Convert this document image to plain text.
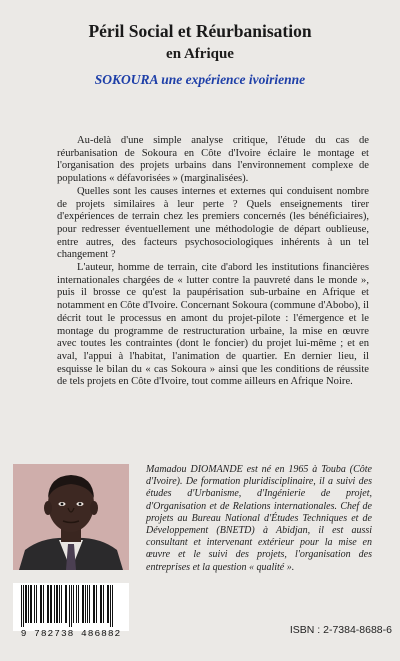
Péril Social et Réurbanisation
en Afrique
SOKOURA une expérience ivoirienne

Au-delà d'une simple analyse critique, l'étude du cas de réurbanisation de Sokoura en Côte d'Ivoire éclaire le montage et l'organisation des projets urbains dans l'environnement complexe de populations « défavorisées » (marginalisées).

Quelles sont les causes internes et externes qui conduisent nombre de projets similaires à leur perte ? Quels enseignements tirer d'expériences de terrain chez les premiers concernés (les bénéficiaires), pour redresser éventuellement une méthodologie de départ oublieuse, entre autres, des facteurs psychosociologiques inhérents à un tel changement ?

L'auteur, homme de terrain, cite d'abord les institutions financières internationales chargées de « lutter contre la pauvreté dans le monde », puis il brosse ce qu'est la paupérisation sub-urbaine en Afrique et notamment en Côte d'Ivoire. Concernant Sokoura (commune d'Abobo), il décrit tout le processus en amont du projet-pilote : l'émergence et le montage du programme de restructuration urbaine, la mise en œuvre avec toutes les contraintes (dont le foncier) du projet lui-même ; et en aval, l'appui à l'habitat, l'animation de quartier. En dernier lieu, il esquisse le bilan du « cas Sokoura » ainsi que les conditions de réussite de tels projets en Côte d'Ivoire, tout comme ailleurs en Afrique Noire.

Mamadou DIOMANDE est né en 1965 à Touba (Côte d'Ivoire). De formation pluridisciplinaire, il a suivi des études d'Urbanisme, d'Ingénierie de projet, d'Organisation et de Relations internationales. Chef de projets au Bureau National d'Études Techniques et de Développement (BNETD) à Abidjan, il est aussi consultant et intervenant extérieur pour la mise en œuvre et le suivi des projets, l'organisation des entreprises et la question « qualité ».
9 782738 486882	ISBN : 2-7384-8688-6
